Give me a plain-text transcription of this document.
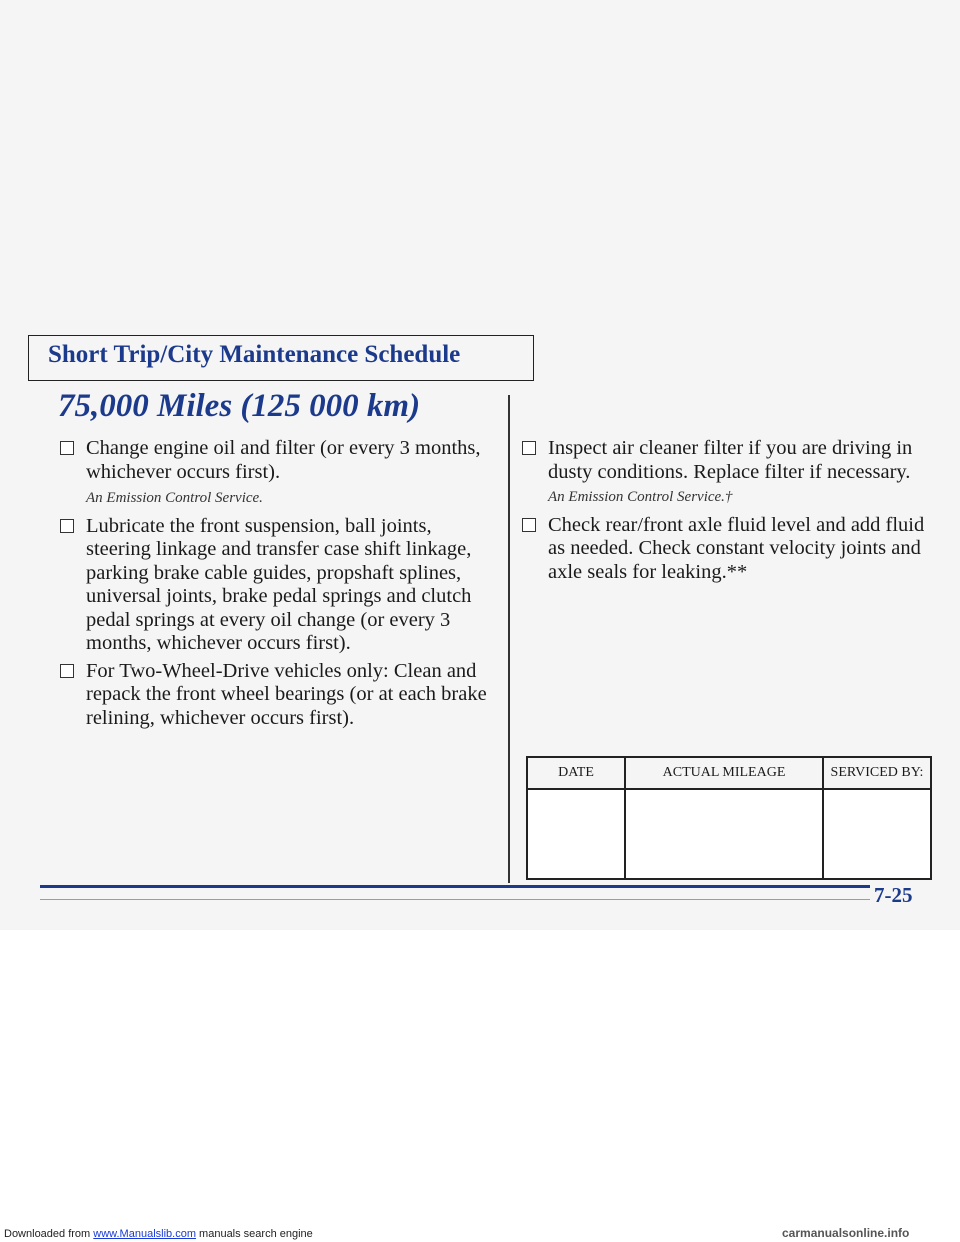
Short Trip/City Maintenance Schedule
75,000 Miles (125 000 km)
Change engine oil and filter (or every 3 months, whichever occurs first).
An Emission Control Service.
Lubricate the front suspension, ball joints, steering linkage and transfer case shift linkage, parking brake cable guides, propshaft splines, universal joints, brake pedal springs and clutch pedal springs at every oil change (or every 3 months, whichever occurs first).
For Two-Wheel-Drive vehicles only: Clean and repack the front wheel bearings (or at each brake relining, whichever occurs first).
Inspect air cleaner filter if you are driving in dusty conditions. Replace filter if necessary. An Emission Control Service.†
Check rear/front axle fluid level and add fluid as needed. Check constant velocity joints and axle seals for leaking.**
DATE	ACTUAL MILEAGE	SERVICED BY:

7-25
Downloaded from www.Manualslib.com manuals search engine	carmanualsonline.info
